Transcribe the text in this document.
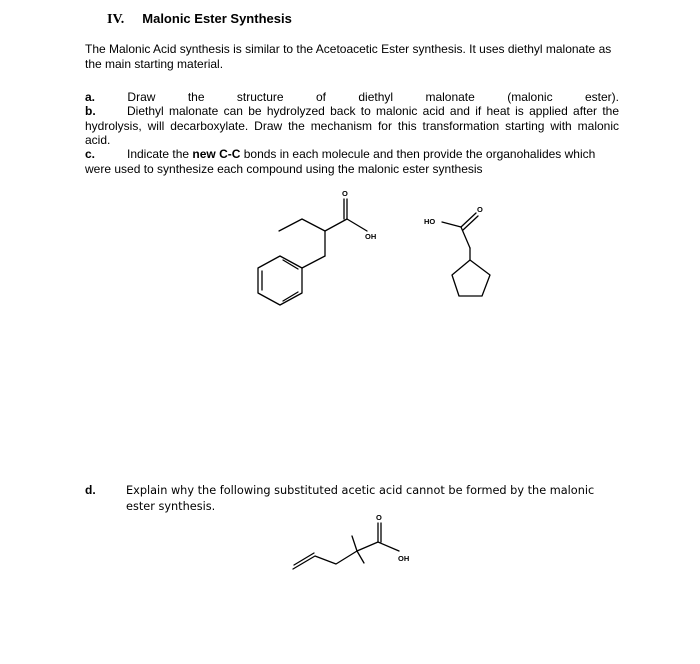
IV. Malonic Ester Synthesis
The Malonic Acid synthesis is similar to the Acetoacetic Ester synthesis. It uses diethyl malonate as the main starting material.
a.	Draw	the	structure	of	diethyl	malonate	(malonic	ester).
b.	Diethyl malonate can be hydrolyzed back to malonic acid and if heat is applied after the hydrolysis, will decarboxylate. Draw the mechanism for this transformation starting with malonic acid.
c.	Indicate the new C-C bonds in each molecule and then provide the organohalides which were used to synthesize each compound using the malonic ester synthesis
O
OH
HO
O
O
OH
d.	Explain why the following substituted acetic acid cannot be formed by the malonic ester synthesis.
